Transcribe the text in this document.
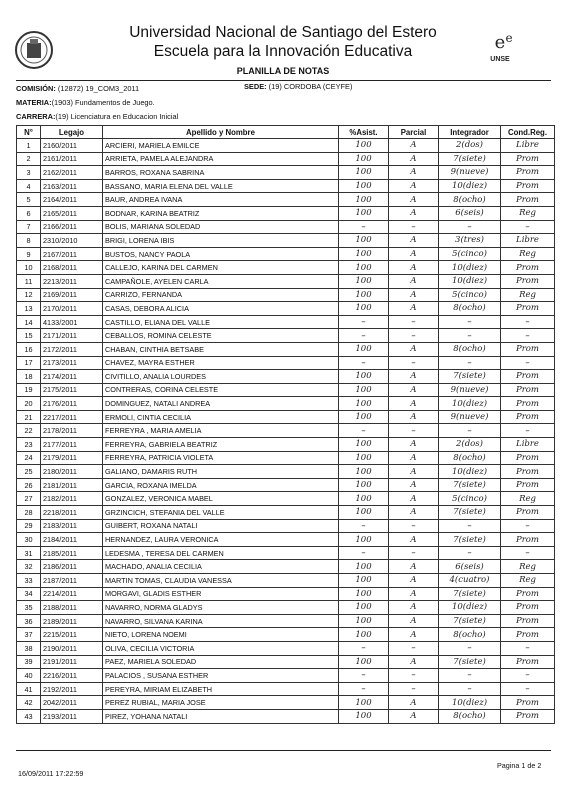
Universidad Nacional de Santiago del Estero
Escuela para la Innovación Educativa	e e
UNSE
PLANILLA DE NOTAS
COMISIÓN: (12872) 19_COM3_2011	SEDE: (19) CORDOBA (CEYFE)
MATERIA:(1903) Fundamentos de Juego.
CARRERA:(19) Licenciatura en Educacion Inicial
N°	Legajo	Apellido y Nombre	%Asist.	Parcial	Integrador	Cond.Reg.
1	2160/2011	ARCIERI, MARIELA EMILCE	100	A	2(dos)	Libre
2	2161/2011	ARRIETA, PAMELA ALEJANDRA	100	A	7(siete)	Prom
3	2162/2011	BARROS, ROXANA SABRINA	100	A	9(nueve)	Prom
4	2163/2011	BASSANO, MARIA ELENA DEL VALLE	100	A	10(diez)	Prom
5	2164/2011	BAUR, ANDREA IVANA	100	A	8(ocho)	Prom
6	2165/2011	BODNAR, KARINA BEATRIZ	100	A	6(seis)	Reg
7	2166/2011	BOLIS, MARIANA SOLEDAD	–	–	–	–
8	2310/2010	BRIGI, LORENA IBIS	100	A	3(tres)	Libre
9	2167/2011	BUSTOS, NANCY PAOLA	100	A	5(cinco)	Reg
10	2168/2011	CALLEJO, KARINA DEL CARMEN	100	A	10(diez)	Prom
11	2213/2011	CAMPAÑOLE, AYELEN CARLA	100	A	10(diez)	Prom
12	2169/2011	CARRIZO, FERNANDA	100	A	5(cinco)	Reg
13	2170/2011	CASAS, DEBORA ALICIA	100	A	8(ocho)	Prom
14	4133/2001	CASTILLO, ELIANA DEL VALLE	–	–	–	–
15	2171/2011	CEBALLOS, ROMINA CELESTE	–	–	–	–
16	2172/2011	CHABAN, CINTHIA BETSABE	100	A	8(ocho)	Prom
17	2173/2011	CHAVEZ, MAYRA ESTHER	–	–	–	–
18	2174/2011	CIVITILLO, ANALIA LOURDES	100	A	7(siete)	Prom
19	2175/2011	CONTRERAS, CORINA CELESTE	100	A	9(nueve)	Prom
20	2176/2011	DOMINGUEZ, NATALI ANDREA	100	A	10(diez)	Prom
21	2217/2011	ERMOLI, CINTIA CECILIA	100	A	9(nueve)	Prom
22	2178/2011	FERREYRA , MARIA AMELIA	–	–	–	–
23	2177/2011	FERREYRA, GABRIELA BEATRIZ	100	A	2(dos)	Libre
24	2179/2011	FERREYRA, PATRICIA VIOLETA	100	A	8(ocho)	Prom
25	2180/2011	GALIANO, DAMARIS RUTH	100	A	10(diez)	Prom
26	2181/2011	GARCIA, ROXANA IMELDA	100	A	7(siete)	Prom
27	2182/2011	GONZALEZ, VERONICA MABEL	100	A	5(cinco)	Reg
28	2218/2011	GRZINCICH, STEFANIA DEL VALLE	100	A	7(siete)	Prom
29	2183/2011	GUIBERT, ROXANA NATALI	–	–	–	–
30	2184/2011	HERNANDEZ, LAURA VERONICA	100	A	7(siete)	Prom
31	2185/2011	LEDESMA , TERESA DEL CARMEN	–	–	–	–
32	2186/2011	MACHADO, ANALIA CECILIA	100	A	6(seis)	Reg
33	2187/2011	MARTIN TOMAS, CLAUDIA VANESSA	100	A	4(cuatro)	Reg
34	2214/2011	MORGAVI, GLADIS ESTHER	100	A	7(siete)	Prom
35	2188/2011	NAVARRO, NORMA GLADYS	100	A	10(diez)	Prom
36	2189/2011	NAVARRO, SILVANA KARINA	100	A	7(siete)	Prom
37	2215/2011	NIETO, LORENA NOEMI	100	A	8(ocho)	Prom
38	2190/2011	OLIVA, CECILIA VICTORIA	–	–	–	–
39	2191/2011	PAEZ, MARIELA SOLEDAD	100	A	7(siete)	Prom
40	2216/2011	PALACIOS , SUSANA ESTHER	–	–	–	–
41	2192/2011	PEREYRA, MIRIAM ELIZABETH	–	–	–	–
42	2042/2011	PEREZ RUBIAL, MARIA JOSE	100	A	10(diez)	Prom
43	2193/2011	PIREZ, YOHANA NATALI	100	A	8(ocho)	Prom
Pagina 1 de 2
16/09/2011 17:22:59
